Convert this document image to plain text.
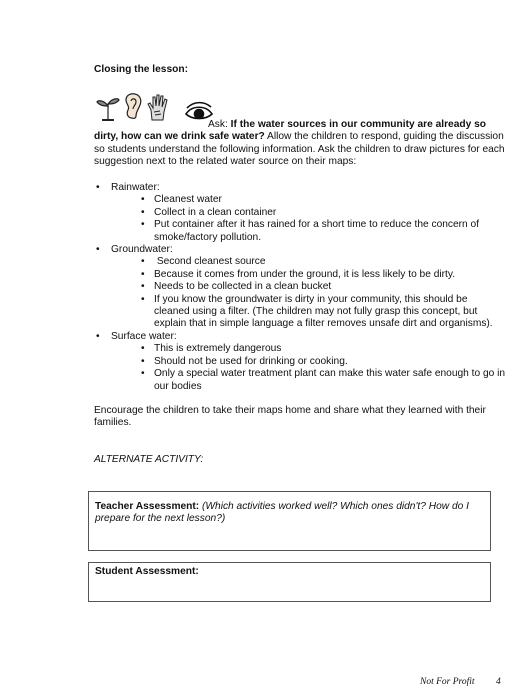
Closing the lesson:
Ask: If the water sources in our community are already so dirty, how can we drink safe water? Allow the children to respond, guiding the discussion so students understand the following information. Ask the children to draw pictures for each suggestion next to the related water source on their maps:
• Rainwater:
• Cleanest water
• Collect in a clean container
• Put container after it has rained for a short time to reduce the concern of smoke/factory pollution.
• Groundwater:
• Second cleanest source
• Because it comes from under the ground, it is less likely to be dirty.
• Needs to be collected in a clean bucket
• If you know the groundwater is dirty in your community, this should be cleaned using a filter. (The children may not fully grasp this concept, but explain that in simple language a filter removes unsafe dirt and organisms).
• Surface water:
• This is extremely dangerous
• Should not be used for drinking or cooking.
• Only a special water treatment plant can make this water safe enough to go in our bodies
Encourage the children to take their maps home and share what they learned with their families.
ALTERNATE ACTIVITY:
Teacher Assessment: (Which activities worked well? Which ones didn't? How do I prepare for the next lesson?)
Student Assessment:
Not For Profit 4
